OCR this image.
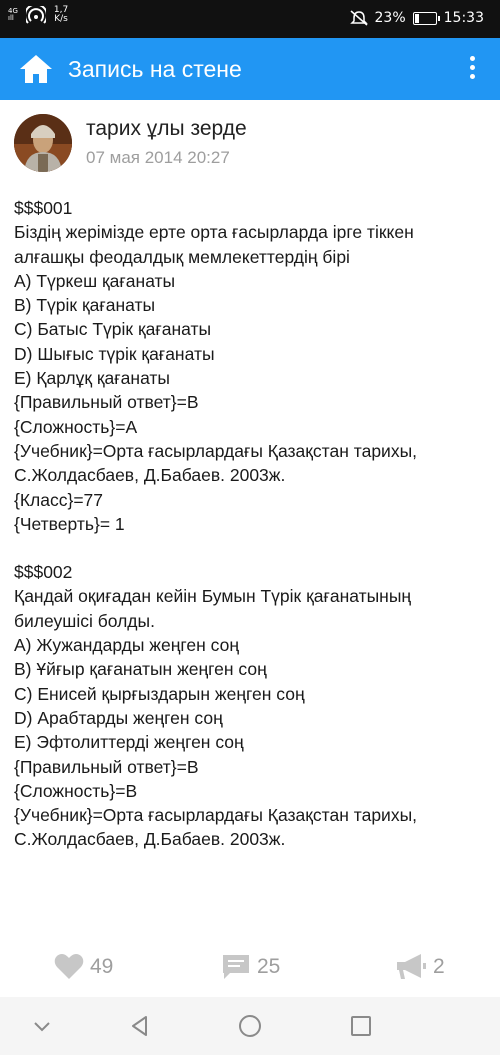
4G
ıll
1,7
K/s	23%	15:33
Запись на стене
тарих ұлы зерде
07 мая 2014 20:27
$$$001
Біздің жерімізде ерте орта ғасырларда ірге тіккен алғашқы феодалдық мемлекеттердің бірі
A) Түркеш қағанаты
B) Түрік қағанаты
C) Батыс Түрік қағанаты
D) Шығыс түрік қағанаты
E) Қарлұқ қағанаты
{Правильный ответ}=B
{Сложность}=A
{Учебник}=Орта ғасырлардағы Қазақстан тарихы, С.Жолдасбаев, Д.Бабаев. 2003ж.
{Класс}=77
{Четверть}= 1
$$$002
Қандай оқиғадан кейін Бумын Түрік қағанатының билеушісі болды.
A) Жужандарды жеңген соң
B) Ұйғыр қағанатын жеңген соң
C) Енисей қырғыздарын жеңген соң
D) Арабтарды жеңген соң
E) Эфтолиттерді жеңген соң
{Правильный ответ}=B
{Сложность}=B
{Учебник}=Орта ғасырлардағы Қазақстан тарихы, С.Жолдасбаев, Д.Бабаев. 2003ж.
49	25	2
